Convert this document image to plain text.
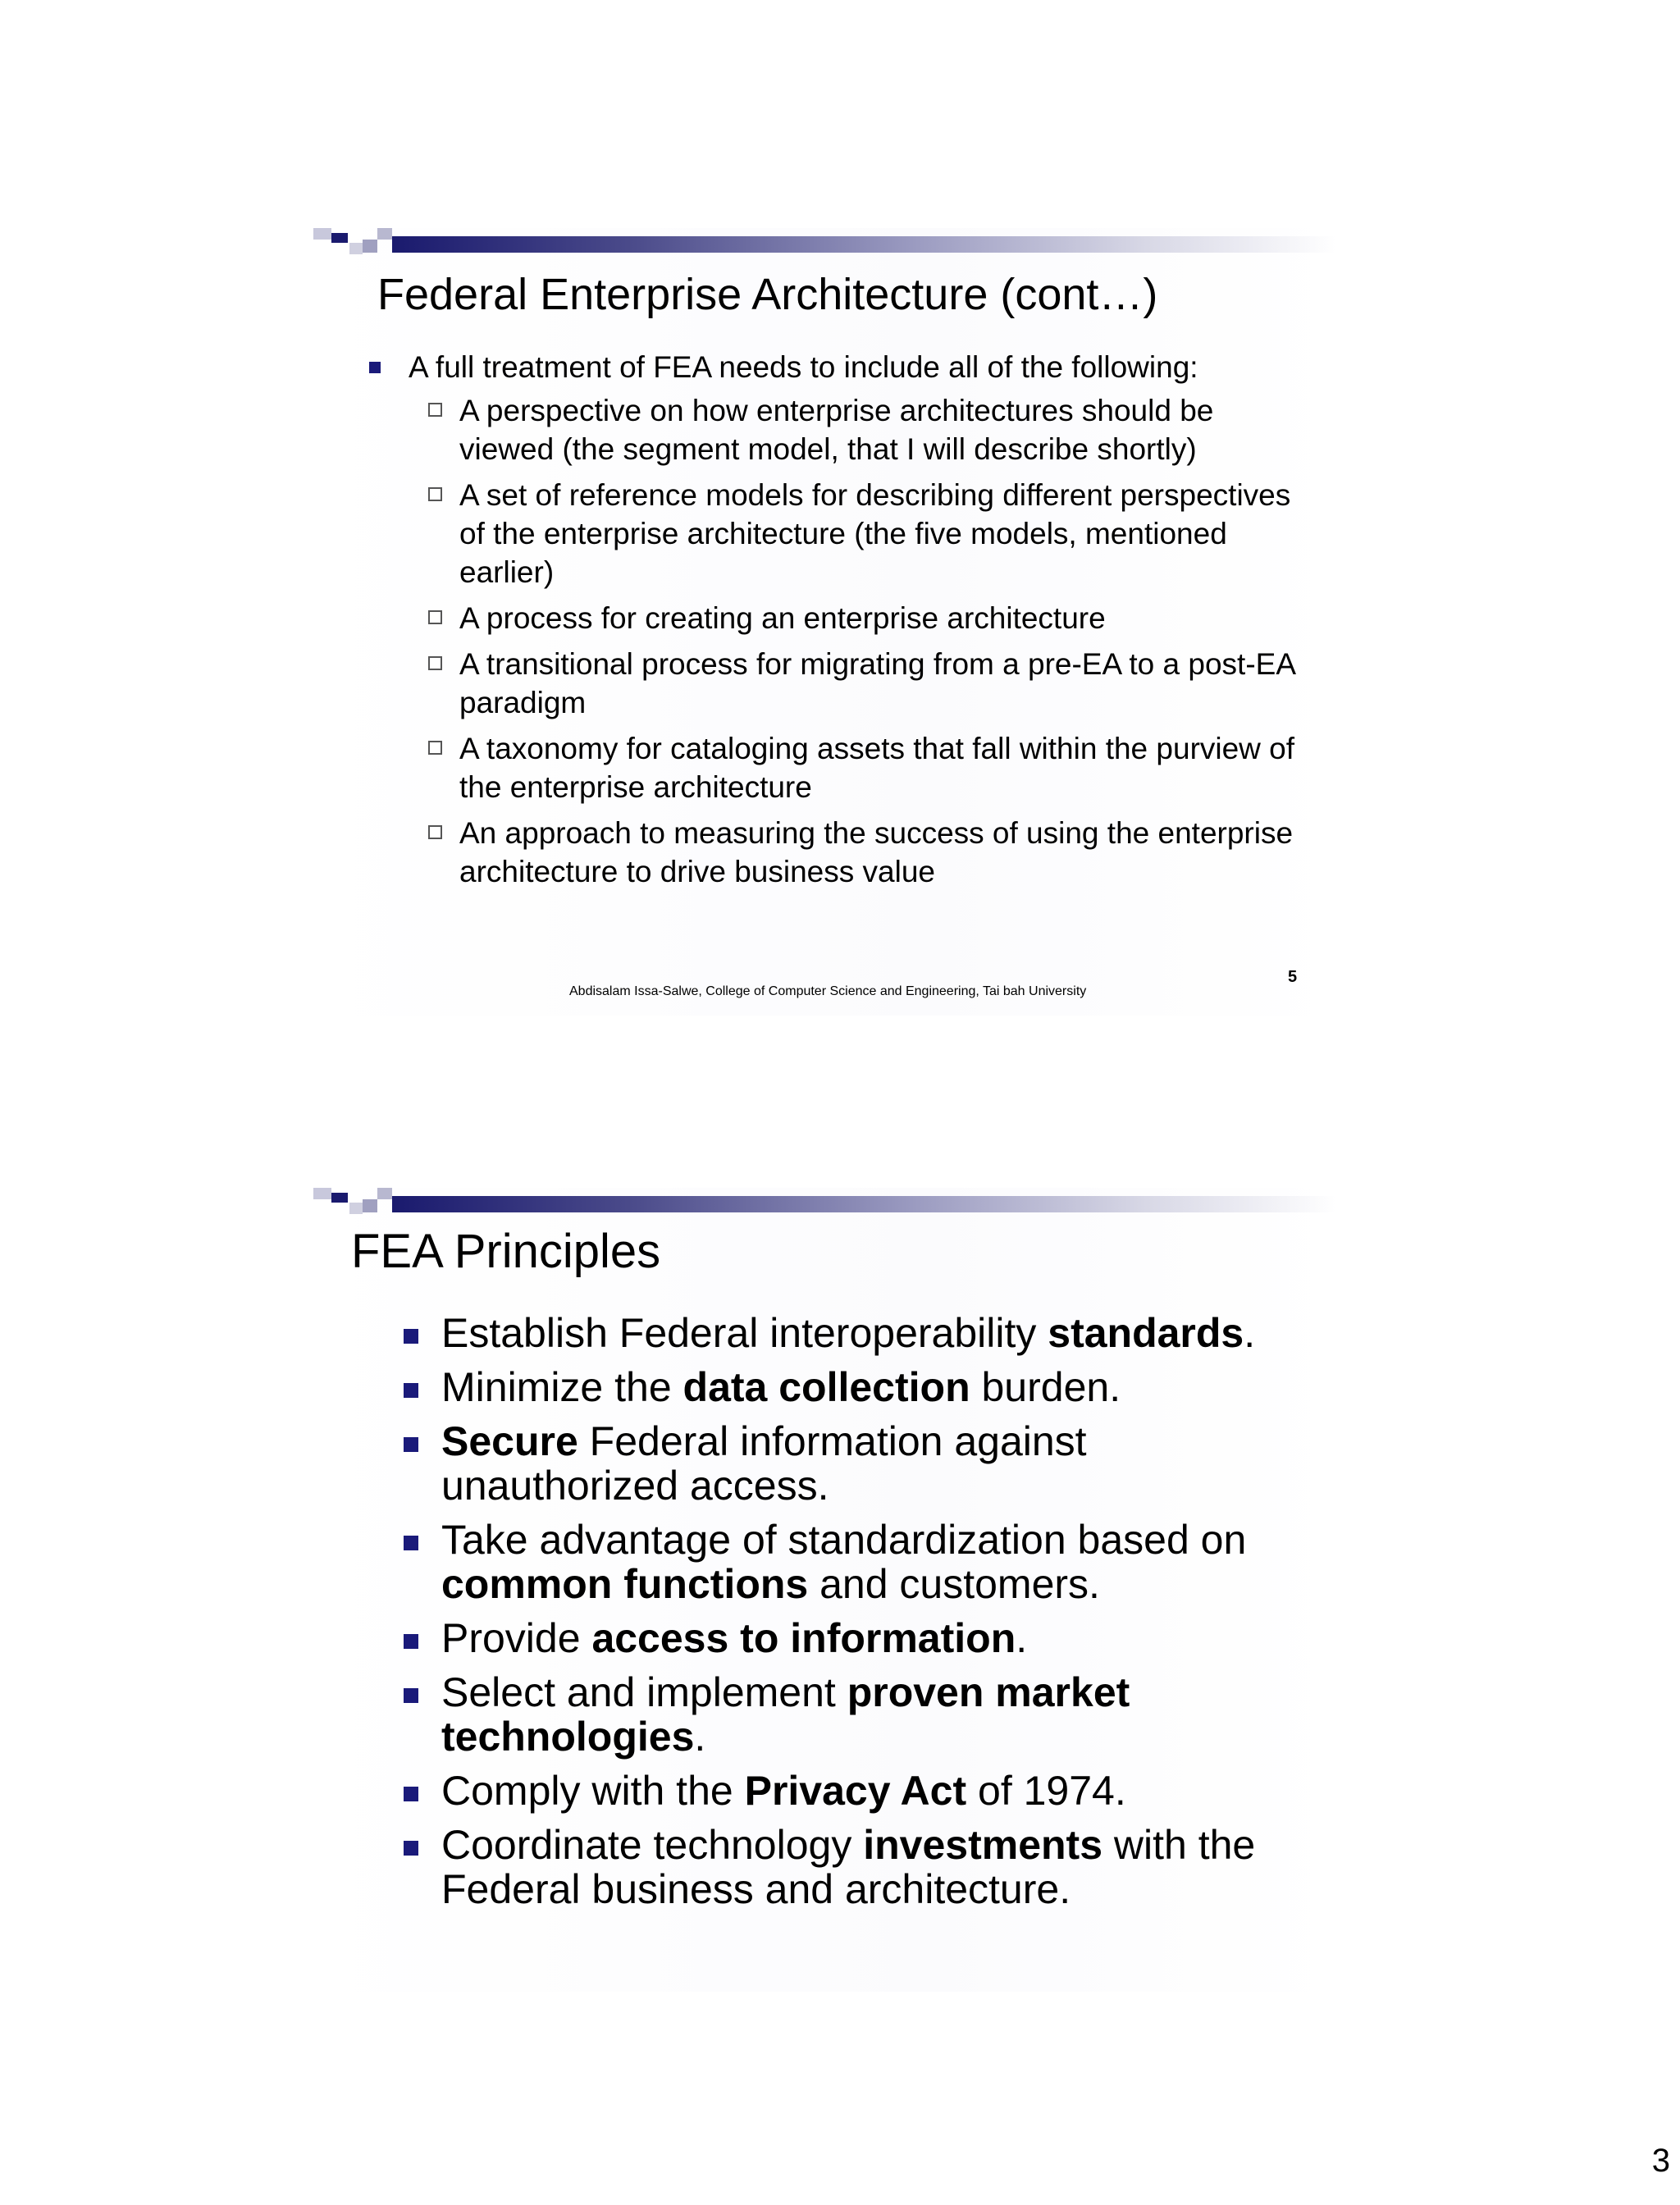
Federal Enterprise Architecture (cont…)
A full treatment of FEA needs to include all of the following:
A perspective on how enterprise architectures should be viewed (the segment model, that I will describe shortly)
A set of reference models for describing different perspectives of the enterprise architecture (the five models, mentioned earlier)
A process for creating an enterprise architecture
A transitional process for migrating from a pre-EA to a post-EA paradigm
A taxonomy for cataloging assets that fall within the purview of the enterprise architecture
An approach to measuring the success of using the enterprise architecture to drive business value
Abdisalam Issa-Salwe, College of Computer Science and Engineering, Tai bah University
5
FEA Principles
Establish Federal interoperability standards.
Minimize the data collection burden.
Secure Federal information against unauthorized access.
Take advantage of standardization based on common functions and customers.
Provide access to information.
Select and implement proven market technologies.
Comply with the Privacy Act of 1974.
Coordinate technology investments with the Federal business and architecture.
3
